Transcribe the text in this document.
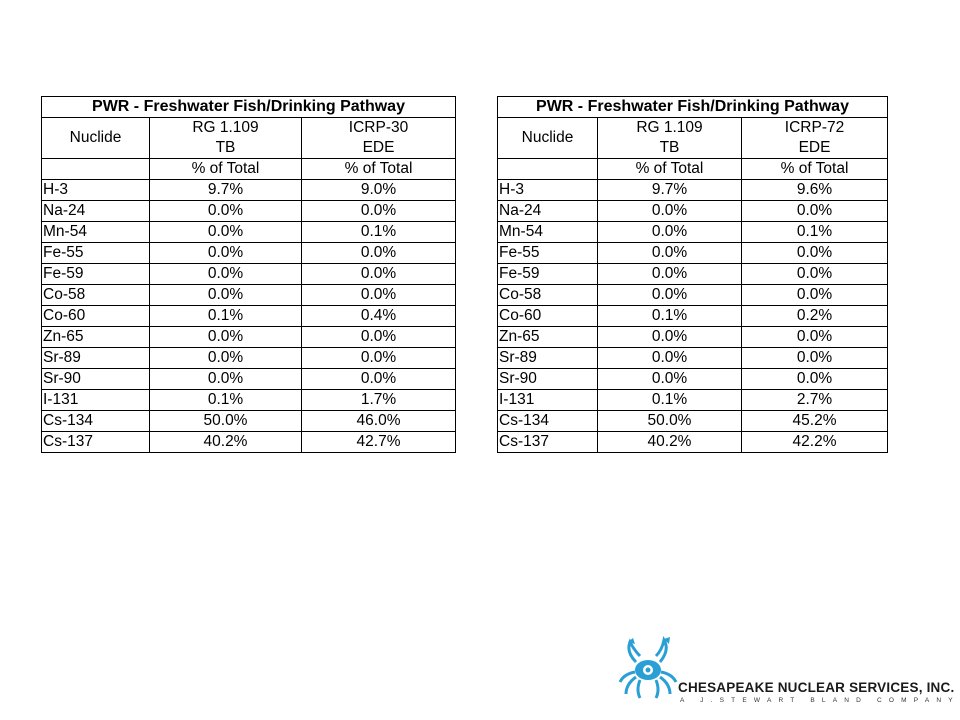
PWR - Freshwater Fish/Drinking Pathway		
Nuclide	RG 1.109	ICRP-30
	TB	EDE
	% of Total	% of Total
H-3	9.7%	9.0%
Na-24	0.0%	0.0%
Mn-54	0.0%	0.1%
Fe-55	0.0%	0.0%
Fe-59	0.0%	0.0%
Co-58	0.0%	0.0%
Co-60	0.1%	0.4%
Zn-65	0.0%	0.0%
Sr-89	0.0%	0.0%
Sr-90	0.0%	0.0%
I-131	0.1%	1.7%
Cs-134	50.0%	46.0%
Cs-137	40.2%	42.7%
PWR - Freshwater Fish/Drinking Pathway		
Nuclide	RG 1.109	ICRP-72
	TB	EDE
	% of Total	% of Total
H-3	9.7%	9.6%
Na-24	0.0%	0.0%
Mn-54	0.0%	0.1%
Fe-55	0.0%	0.0%
Fe-59	0.0%	0.0%
Co-58	0.0%	0.0%
Co-60	0.1%	0.2%
Zn-65	0.0%	0.0%
Sr-89	0.0%	0.0%
Sr-90	0.0%	0.0%
I-131	0.1%	2.7%
Cs-134	50.0%	45.2%
Cs-137	40.2%	42.2%
CHESAPEAKE NUCLEAR SERVICES, INC.
A J.STEWART BLAND COMPANY
